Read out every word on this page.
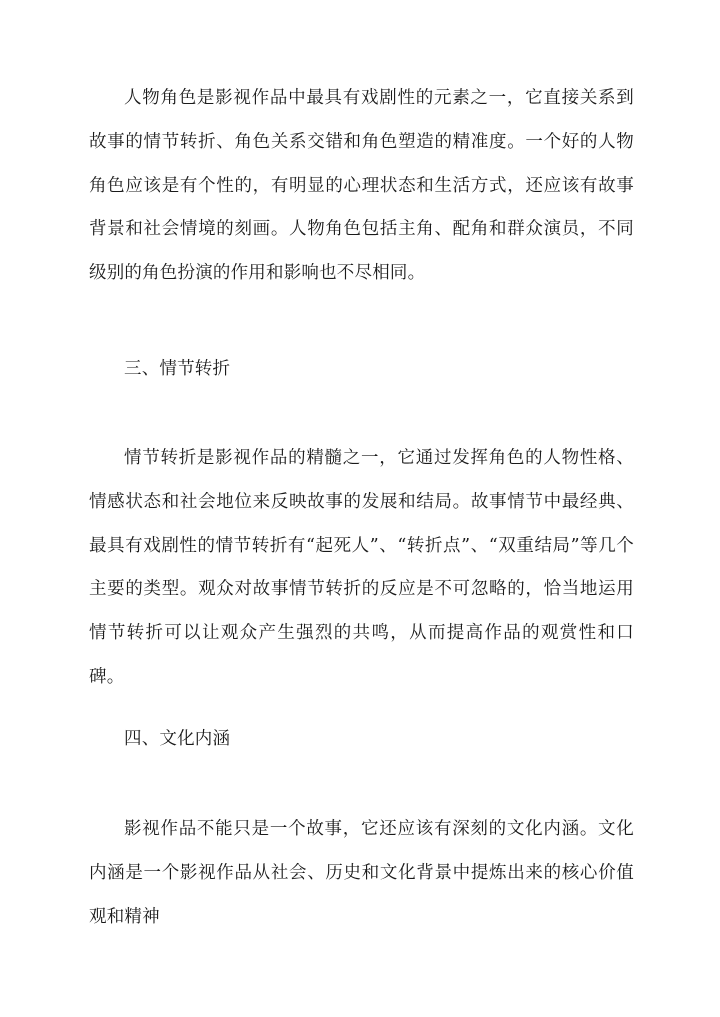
人物角色是影视作品中最具有戏剧性的元素之一，它直接关系到故事的情节转折、角色关系交错和角色塑造的精准度。一个好的人物角色应该是有个性的，有明显的心理状态和生活方式，还应该有故事背景和社会情境的刻画。人物角色包括主角、配角和群众演员，不同级别的角色扮演的作用和影响也不尽相同。

三、情节转折

情节转折是影视作品的精髓之一，它通过发挥角色的人物性格、情感状态和社会地位来反映故事的发展和结局。故事情节中最经典、最具有戏剧性的情节转折有“起死人”、“转折点”、“双重结局”等几个主要的类型。观众对故事情节转折的反应是不可忽略的，恰当地运用情节转折可以让观众产生强烈的共鸣，从而提高作品的观赏性和口碑。

四、文化内涵

影视作品不能只是一个故事，它还应该有深刻的文化内涵。文化内涵是一个影视作品从社会、历史和文化背景中提炼出来的核心价值观和精神
